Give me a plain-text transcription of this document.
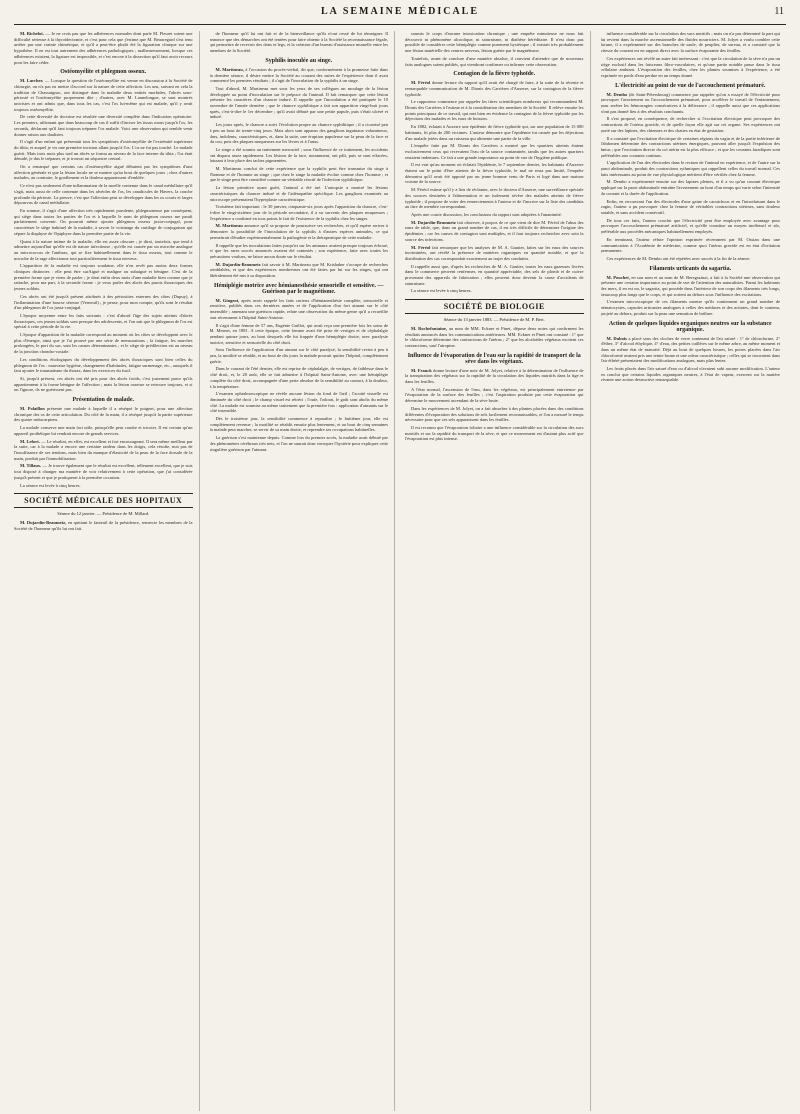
LA SEMAINE MÉDICALE	11

M. Richelot. — Je ne crois pas que les adhérences normales dont parle M. Fleuret soient une difficulté sérieuse à la thyroïdectomie, et c'est pour cela que j'estime que M. Beauregard s'est tenu arrêter par une crainte chimérique, et qu'il a peut-être plutôt été la figuration clinique sur une hypothèse. Il en est tout autrement des adhérences pathologiques ; malheureusement, lorsque ces adhérences existent, la ligature est impossible, et c'est encore à la dissection qu'il faut avoir recours pour les faire céder.

Ostéomyélite et phlegmon osseux.

M. Larcher. — Lorsque la question de l'ostéomyélite est venue en discussion à la Société de chirurgie, on n'a pas eu mettre d'accord sur la nature de cette affection. Les uns, suivant en cela la tradition de Chassaignac, ont distingué dans la maladie deux entités morbides, l'abcès sous-périosté et l'ostéomyélite proprement dite ; d'autres, avec M. Lannelongue, se sont montrés unicistes et ont admis que, dans tous les cas, c'est l'os lui-même qui est malade, qu'il y avait toujours ostéomyélite.

De cette diversité de doctrine est résultée une diversité complète dans l'indication opératoire. Les premiers, affirmant que dans beaucoup de cas il suffit d'inciser les tissus mous jusqu'à l'os, les seconds, déclarant qu'il faut toujours trépaner l'os malade. Voici une observation qui semble venir donner raison aux dualistes.

Il s'agit d'un enfant qui présentait tous les symptômes d'ostéomyélite de l'extrémité supérieure du tibia, et auquel je vis une première incision allant jusqu'à l'os. L'os ne fut pas touché. Le malade guérit. Mais trois mois plus tard un abcès se forma au niveau de la face interne du tibia ; l'os était dénudé, je dus le trépaner, et je trouvai un séquestre central.

On a remarqué que certains cas d'ostéomyélite aiguë débutent par les symptômes d'une affection générale et que la lésion locale ne se montre qu'au bout de quelques jours ; chez d'autres malades, au contraire, le gonflement et la douleur apparaissent d'emblée.

Ce n'est pas seulement d'une inflammation de la moelle contenue dans le canal médullaire qu'il s'agit, mais aussi de celle contenue dans les alvéoles de l'os, les canalicules de Havers, la couche profonde du périoste. La preuve, c'est que l'affection peut se développer dans les os courts et larges dépourvus de canal médullaire.

En somme, il s'agit d'une affection très rapidement purulente, phlegmoneuse par conséquent, qui siège dans toutes les parties de l'os et à laquelle le nom de phlegmon osseux me paraît parfaitement convenir. On pourrait même ajouter phlegmon osseux juxta-conjugal, pour caractériser le siège habituel de la maladie, à savoir le voisinage du cartilage de conjugaison qui sépare la diaphyse de l'épiphyse dans la première partie de la vie.

Quant à la nature intime de la maladie, elle est assez obscure ; je dirai, toutefois, que tend à admettre aujourd'hui qu'elle est de nature infectieuse ; qu'elle est causée par un microbe analogue au micrococcus de l'anthrax, qui se fixe habituellement dans le tissu osseux, tout comme le microbe de la rage affectionne tout particulièrement le tissu nerveux.

L'apparition de la maladie est toujours soudaine, elle n'en revêt pas moins deux formes cliniques distinctes : elle peut être surAiguë et maligne ou subaiguë et bénigne. C'est de la première forme que je viens de parler ; je dirai enfin deux mots d'une maladie bien connue que je rattache, pour ma part, à la seconde forme : je veux parler des abcès des parois thoraciques des jeunes soldats.

Ces abcès ont été jusqu'à présent attribués à des périostites externes des côtes (Dupuy), à l'inflammation d'une bourse séreuse (Verneuil) ; je pense, pour mon compte, qu'ils sont le résultat d'un phlegmon de l'os juxta-conjugal.

L'époque moyenne entre les faits suivants : c'est d'abord l'âge des sujets atteints d'abcès thoraciques, ces jeunes soldats sont presque des adolescents, et l'on sait que le phlegmon de l'os est spécial à cette période de la vie.

L'époque d'apparition de la maladie correspond au moment où les côtes se développent avec le plus d'énergie, ainsi que je l'ai prouvé par une série de mensurations ; la fatigue, les marches prolongées, le port du sac, sont les causes déterminantes ; et le siège de prédilection est au niveau de la jonction chondro-costale.

Les conditions étiologiques du développement des abcès thoraciques sont bien celles du phlegmon de l'os : mauvaise hygiène, changement d'habitudes, fatigue surmenage, etc., auxquels il faut ajouter le traumatisme du thorax, dans les exercices du fusil.

Si, jusqu'à présent, ces abcès ont été pris pour des abcès froids, c'est justement parce qu'ils appartiennent à la forme bénigne de l'affection ; mais la lésion osseuse se retrouve toujours, et si on l'ignore, ils ne guérissent pas.

Présentation de malade.

M. Polaillon présente une malade à laquelle il a réséqué le poignet, pour une affection chronique des os de cette articulation. Du côté de la main, il a réséqué jusqu'à la partie supérieure des quatre métacarpiens.

La malade conserve une main fort utile, puisqu'elle peut coudre et tricoter. Il est certain qu'un appareil prothétique lui rendrait encore de grands services.

M. Lefort. — Le résultat, en effet, est excellent et fort encourageant. Il sera même meilleur par la suite, car à la malade a encore une certaine raideur dans les doigts, cela résulte, non pas de l'insuffisance de ses tendons, mais bien du manque d'élasticité de la peau de la face dorsale de la main, produit par l'immobilisation.

M. Tillaux. — Je trouve également que le résultat est excellent, tellement excellent, que je suis tout disposé à changer ma manière de voir relativement à cette opération, que j'ai considérée jusqu'à présent et que je pratiquerai à la première occasion.

La séance est levée à cinq heures.

SOCIÉTÉ MÉDICALE DES HOPITAUX
Séance du 12 janvier. — Présidence de M. Millard.

M. Dujardin-Beaumetz, en quittant le fauteuil de la présidence, remercie les membres de la Société de l'honneur qu'ils lui ont fait.

de l'honneur qu'il lui ont fait et de la bienveillance qu'ils n'ont cessé de lui témoigner. Il annonce que des démarches ont été tentées pour faire obtenir à la Société la reconnaissance légale, qui permettra de recevoir des dons et legs, et la création d'un bureau d'assistance mutuelle entre les membres de la Société.

Syphilis inoculée au singe.

M. Martineau, à l'occasion du procès-verbal, dit que, conformément à la promesse faite dans la dernière séance, il désire mettre la Société au courant des suites de l'expérience dont il avait commencé les premiers résultats ; il s'agit de l'inoculation de la syphilis à un singe.

Tout d'abord, M. Martineau met sous les yeux de ses collègues un moulage de la lésion développée au point d'inoculation sur le prépuce du l'animal. Il fait remarquer que cette lésion présente les caractères d'un chancre induré. Il rappelle que l'inoculation a été pratiquée le 10 novembre de l'année dernière ; que le chancre syphilitique a fait son apparition vingt-huit jours après, c'est-à-dire le 1er décembre ; qu'il avait débuté par une petite papule, puis s'était ulcéré et induré.

Les jours après, le chancre a suivi l'évolution propre au chancre syphilitique ; il a cicatrisé peu à peu au bout de trente-cinq jours. Mais alors sont apparus des ganglions inguinaux volumineux, durs, indolents, caractéristiques, et, dans la suite, une éruption papuleuse sur la peau de la face et du cou, puis des plaques muqueuses sur les lèvres et à l'anus.

Le singe a été soumis au traitement mercuriel ; sous l'influence de ce traitement, les accidents ont disparu assez rapidement. Les lésions de la face, notamment, ont pâli, puis se sont effacées, laissant à leur place des taches pigmentées.

M. Martineau conclut de cette expérience que la syphilis peut être transmise du singe à l'homme et de l'homme au singe ; que chez le singe la maladie évolue comme chez l'homme ; et que le singe peut être considéré comme un véritable réactif de l'infection syphilitique.

La lésion primitive ayant guéri, l'animal a été tué. L'autopsie a montré les lésions caractéristiques du chancre induré et de l'adénopathie spécifique. Les ganglions examinés au microscope présentaient l'hyperplasie caractéristique.

Troisième fait important : le 30 janvier, cinquante-six jours après l'apparition du chancre, c'est-à-dire le vingt-sixième jour de la période secondaire, il a vu survenir des plaques muqueuses ; l'expérience a confirmé en tous points le fait de l'existence de la syphilis chez les singes.

M. Martineau annonce qu'il se propose de poursuivre ses recherches, et qu'il espère arriver à démontrer la possibilité de l'inoculation de la syphilis à d'autres espèces animales, ce qui permettrait d'étudier expérimentalement la pathogénie et la thérapeutique de cette maladie.

Il rappelle que les inoculations faites jusqu'ici sur les animaux avaient presque toujours échoué, et que les rares succès annoncés avaient été contestés ; son expérience, faite avec toutes les précautions voulues, ne laisse aucun doute sur le résultat.

M. Dujardin-Beaumetz fait savoir à M. Martineau que M. Krishaber s'occupe de recherches semblables, et que des expériences nombreuses ont été faites par lui sur les singes, qui ont libéralement été mis à sa disposition.

Hémiplégie motrice avec hémianesthésie sensorielle et sensitive. — Guérison par le magnétisme.

M. Gingeot, après avoir rappelé les faits curieux d'hémianesthésie complète, sensorielle et sensitive, publiés dans ces dernières années et de l'application d'un fort aimant sur le côté insensible ; amenant une guérison rapide, relate une observation du même genre qu'il a recueillie tout récemment à l'hôpital Saint-Antoine.

Il s'agit d'une femme de 57 ans, Eugénie Guillot, qui avait reçu une première fois les soins de M. Mesnet, en 1881. A cette époque, cette femme avait été prise de vertiges et de céphalalgie pendant quinze jours, au bout desquels elle fut frappée d'une hémiplégie droite, avec paralysie motrice, sensitive et sensorielle du côté droit.

Sous l'influence de l'application d'un aimant sur le côté paralysé, la sensibilité revint à peu à peu, la motilité se rétablit, et au bout de dix jours la malade pouvait quitter l'hôpital, complètement guérie.

Dans le courant de l'été dernier, elle est reprise de céphalalgie, de vertiges, de faiblesse dans le côté droit, et, le 28 août, elle se fait admettre à l'hôpital Saint-Antoine, avec une hémiplégie complète du côté droit, accompagnée d'une perte absolue de la sensibilité au contact, à la douleur, à la température.

L'examen ophtalmoscopique ne révèle aucune lésion du fond de l'œil ; l'acuité visuelle est diminuée du côté droit ; le champ visuel est rétréci ; l'ouïe, l'odorat, le goût sont abolis du même côté. La malade est soumise au même traitement que la première fois : application d'aimants sur le côté insensible.

Dès le troisième jour, la sensibilité commence à reparaître ; le huitième jour, elle est complètement revenue ; la motilité se rétablit ensuite plus lentement, et au bout de cinq semaines la malade peut marcher, se servir de sa main droite, et reprendre ses occupations habituelles.

La guérison s'est maintenue depuis. Comme lors du premier accès, la maladie avait débuté par des phénomènes cérébraux très nets, et l'on ne saurait donc invoquer l'hystérie pour expliquer cette singulière guérison par l'aimant.

soumis le corps d'aucune intoxication chronique ; une enquête minutieuse ne nous fait découvrir ni phénomène alcoolique, ni saturnisme, ni diathèse héréditaire. Il n'est donc pas possible de considérer cette hémiplégie comme purement hystérique ; il existait très probablement une lésion matérielle des centres nerveux, lésion guérie par le magnétisme.

Toutefois, avant de conclure d'une manière absolue, il convient d'attendre que de nouveaux faits analogues soient publiés, qui viendront confirmer ou infirmer cette observation.

Contagion de la fièvre typhoïde.

M. Féréol donne lecture du rapport qu'il avait été chargé de faire, à la suite de la récente et remarquable communication de M. Dionis des Carrières d'Auxerre, sur la contagion de la fièvre typhoïde.

Le rapporteur commence par rappeler les titres scientifiques nombreux qui recommandent M. Dionis des Carrières à l'estime et à la considération des membres de la Société. Il relève ensuite les points principaux de ce travail, qui met bien en évidence la contagion de la fièvre typhoïde par les déjections des malades et les eaux de boisson.

En 1882, éclatait à Auxerre une épidémie de fièvre typhoïde qui, sur une population de 15 000 habitants, fit plus de 200 victimes. L'auteur démontre que l'épidémie fut causée par les déjections d'un malade jetées dans un ruisseau qui alimente une partie de la ville.

L'enquête faite par M. Dionis des Carrières a montré que les quartiers atteints étaient exclusivement ceux qui recevaient l'eau de la source contaminée, tandis que les autres quartiers restaient indemnes. Ce fait a une grande importance au point de vue de l'hygiène publique.

Il est vrai qu'au moment où éclatait l'épidémie, le 7 septembre dernier, les habitants d'Auxerre étaient sur le point d'être atteints de la fièvre typhoïde, le mal ne resta pas limité, l'enquête démontra qu'il avait été apporté par un jeune homme venu de Paris et logé dans une maison voisine de la source.

M. Féréol estime qu'il y a lieu de réclamer, avec le docteur d'Auxerre, une surveillance spéciale des sources destinées à l'alimentation et un isolement sévère des malades atteints de fièvre typhoïde ; il propose de voter des remerciements à l'auteur et de l'inscrire sur la liste des candidats au titre de membre correspondant.

Après une courte discussion, les conclusions du rapport sont adoptées à l'unanimité.

M. Dujardin-Beaumetz fait observer, à propos de ce que vient de dire M. Féréol de l'abus des eaux de table, que, dans un grand nombre de cas, il est très difficile de déterminer l'origine des épidémies ; car les causes de contagion sont multiples, et il faut toujours rechercher avec soin la source des infections.

M. Féréol fait remarquer que les analyses de M. A. Gautier, faites sur les eaux des sources incriminées, ont révélé la présence de matières organiques en quantité notable, et que la distribution des cas correspondait exactement au trajet des conduites.

Il rappelle aussi que, d'après les recherches de M. A. Gautier, toutes les eaux gazeuses livrées dans le commerce peuvent renfermer, en quantité appréciable, des sels de plomb et de cuivre provenant des appareils de fabrication ; elles peuvent donc devenir la cause d'accidents de saturnisme.

La séance est levée à cinq heures.

SOCIÉTÉ DE BIOLOGIE
Séance du 13 janvier 1883. — Présidence de M. P. Bert.

M. Rochefontaine, au nom de MM. Eckner et Pinet, dépose deux notes qui confirment les résultats annoncés dans les communications antérieures. MM. Eckner et Pinet ont constaté : 1° que le chloroforme détermine des contractions de l'utérus ; 2° que les alcaloïdes végétaux excitent ces contractions, sauf l'atropine.

Influence de l'évaporation de l'eau sur la rapidité de transport de la sève dans les végétaux.

M. Franck donne lecture d'une note de M. Jolyet, relative à la détermination de l'influence de la transpiration des végétaux sur la rapidité de la circulation des liquides nutritifs dans la tige et dans les feuilles.

A l'état normal, l'ascension de l'eau, dans les végétaux, est principalement entretenue par l'évaporation de la surface des feuilles ; c'est l'aspiration produite par cette évaporation qui détermine le mouvement ascendant de la sève brute.

Dans les expériences de M. Jolyet, on a fait absorber à des plantes placées dans des conditions différentes d'évaporation des solutions de sels facilement reconnaissables, et l'on a mesuré le temps nécessaire pour que ces sels apparaissent dans les feuilles.

Il est reconnu que l'évaporation foliaire a une influence considérable sur la circulation des sucs nutritifs et sur la rapidité du transport de la sève, et que ce mouvement est d'autant plus actif que l'évaporation est plus intense.

influence considérable sur la circulation des sucs nutritifs ; mais on n'a pas déterminé la part qui lui revient dans la marche ascensionnelle des fluides nourriciers. M. Jolyet a voulu combler cette lacune, il a expérimenté sur des branches de saule, de peuplier, de sureau, et a constaté que la vitesse du courant est en rapport direct avec la surface évaporante des feuilles.

Ces expériences ont révélé un autre fait intéressant : c'est que la circulation de la sève n'a pas un siège exclusif dans les faisceaux fibro-vasculaires, et qu'une partie notable passe dans le tissu cellulaire ambiant. L'évaporation des feuilles, chez les plantes soumises à l'expérience, a été exprimée en poids d'eau perdue en un temps donné.

L'électricité au point de vue de l'accouchement prématuré.

M. Dembo (de Saint-Pétersbourg) commence par rappeler qu'on a essayé de l'électricité pour provoquer l'avortement ou l'accouchement prématuré, pour accélérer le travail de l'enfantement, pour arrêter les hémorragies consécutives à la délivrance ; il rappelle aussi que ces applications n'ont pas donné lieu à des résultats concluants.

Il s'est proposé, en conséquence, de rechercher si l'excitation électrique peut provoquer des contractions de l'utérus gravide, et de quelle façon elle agit sur cet organe. Ses expériences ont porté sur des lapines, des chiennes et des chattes en état de gestation.

Il a constaté que l'excitation électrique de certaines régions du vagin et de la partie inférieure de l'abdomen détermine des contractions utérines énergiques, pouvant aller jusqu'à l'expulsion des fœtus ; que l'excitation directe du col utérin est la plus efficace ; et que les courants faradiques sont préférables aux courants continus.

L'application de l'un des électrodes dans le rectum de l'animal en expérience, et de l'autre sur la paroi abdominale, produit des contractions rythmiques qui rappellent celles du travail normal. Ces faits intéressants au point de vue physiologique méritent d'être vérifiés chez la femme.

M. Dembo a expérimenté ensuite sur des lapines pleines, et il a vu qu'un courant électrique appliqué sur la paroi abdominale entraîne l'avortement au bout d'un temps qui varie selon l'intensité du courant et la durée de l'application.

Enfin, en recouvrant l'un des électrodes d'une gaine de caoutchouc et en l'introduisant dans le vagin, l'auteur a pu provoquer chez la femme de véritables contractions utérines, sans douleur notable, et sans accident consécutif.

De tous ces faits, l'auteur conclut que l'électricité peut être employée avec avantage pour provoquer l'accouchement prématuré artificiel, et qu'elle constitue un moyen inoffensif et sûr, préférable aux procédés mécaniques habituellement employés.

En terminant, l'auteur réfute l'opinion exprimée récemment par M. Ossian dans une communication à l'Académie de médecine, comme quoi l'utérus gravide est en état d'irritation permanente.

Ces expériences de M. Dembo ont été répétées avec succès à la fin de la séance.

Filaments urticants du sagartia.

M. Pouchet, en son nom et au nom de M. Beregszászi, a fait à la Société une observation qui présente une certaine importance au point de vue de l'attention des naturalistes. Parmi les habitants des mers, il en est un, le sagartia, qui possède dans l'intérieur de son corps des filaments très longs, beaucoup plus longs que le corps, et qui sortent au dehors sous l'influence des excitations.

L'examen microscopique de ces filaments montre qu'ils contiennent un grand nombre de nématocystes, capsules urticantes analogues à celles des méduses et des actinies, dont le contenu, projeté au dehors, produit sur la peau une sensation de brûlure.

Action de quelques liquides organiques neutres sur la substance organique.

M. Dubois a placé sous des cloches de verre contenant de l'air saturé : 1° de chloroforme, 2° d'éther, 3° d'alcool éthylique, 4° d'eau, des petites cuillères sur le même arbre, au même moment et dans un même état de maturité. Déjà au bout de quelques heures, les poires placées dans l'air chloroformé avaient pris une teinte brune et une odeur caractéristique ; celles qui se trouvaient dans l'air éthéré présentaient des modifications analogues, mais plus lentes.

Les fruits placés dans l'air saturé d'eau ou d'alcool n'avaient subi aucune modification. L'auteur en conclut que certains liquides organiques neutres, à l'état de vapeur, exercent sur la matière vivante une action destructive remarquable.
